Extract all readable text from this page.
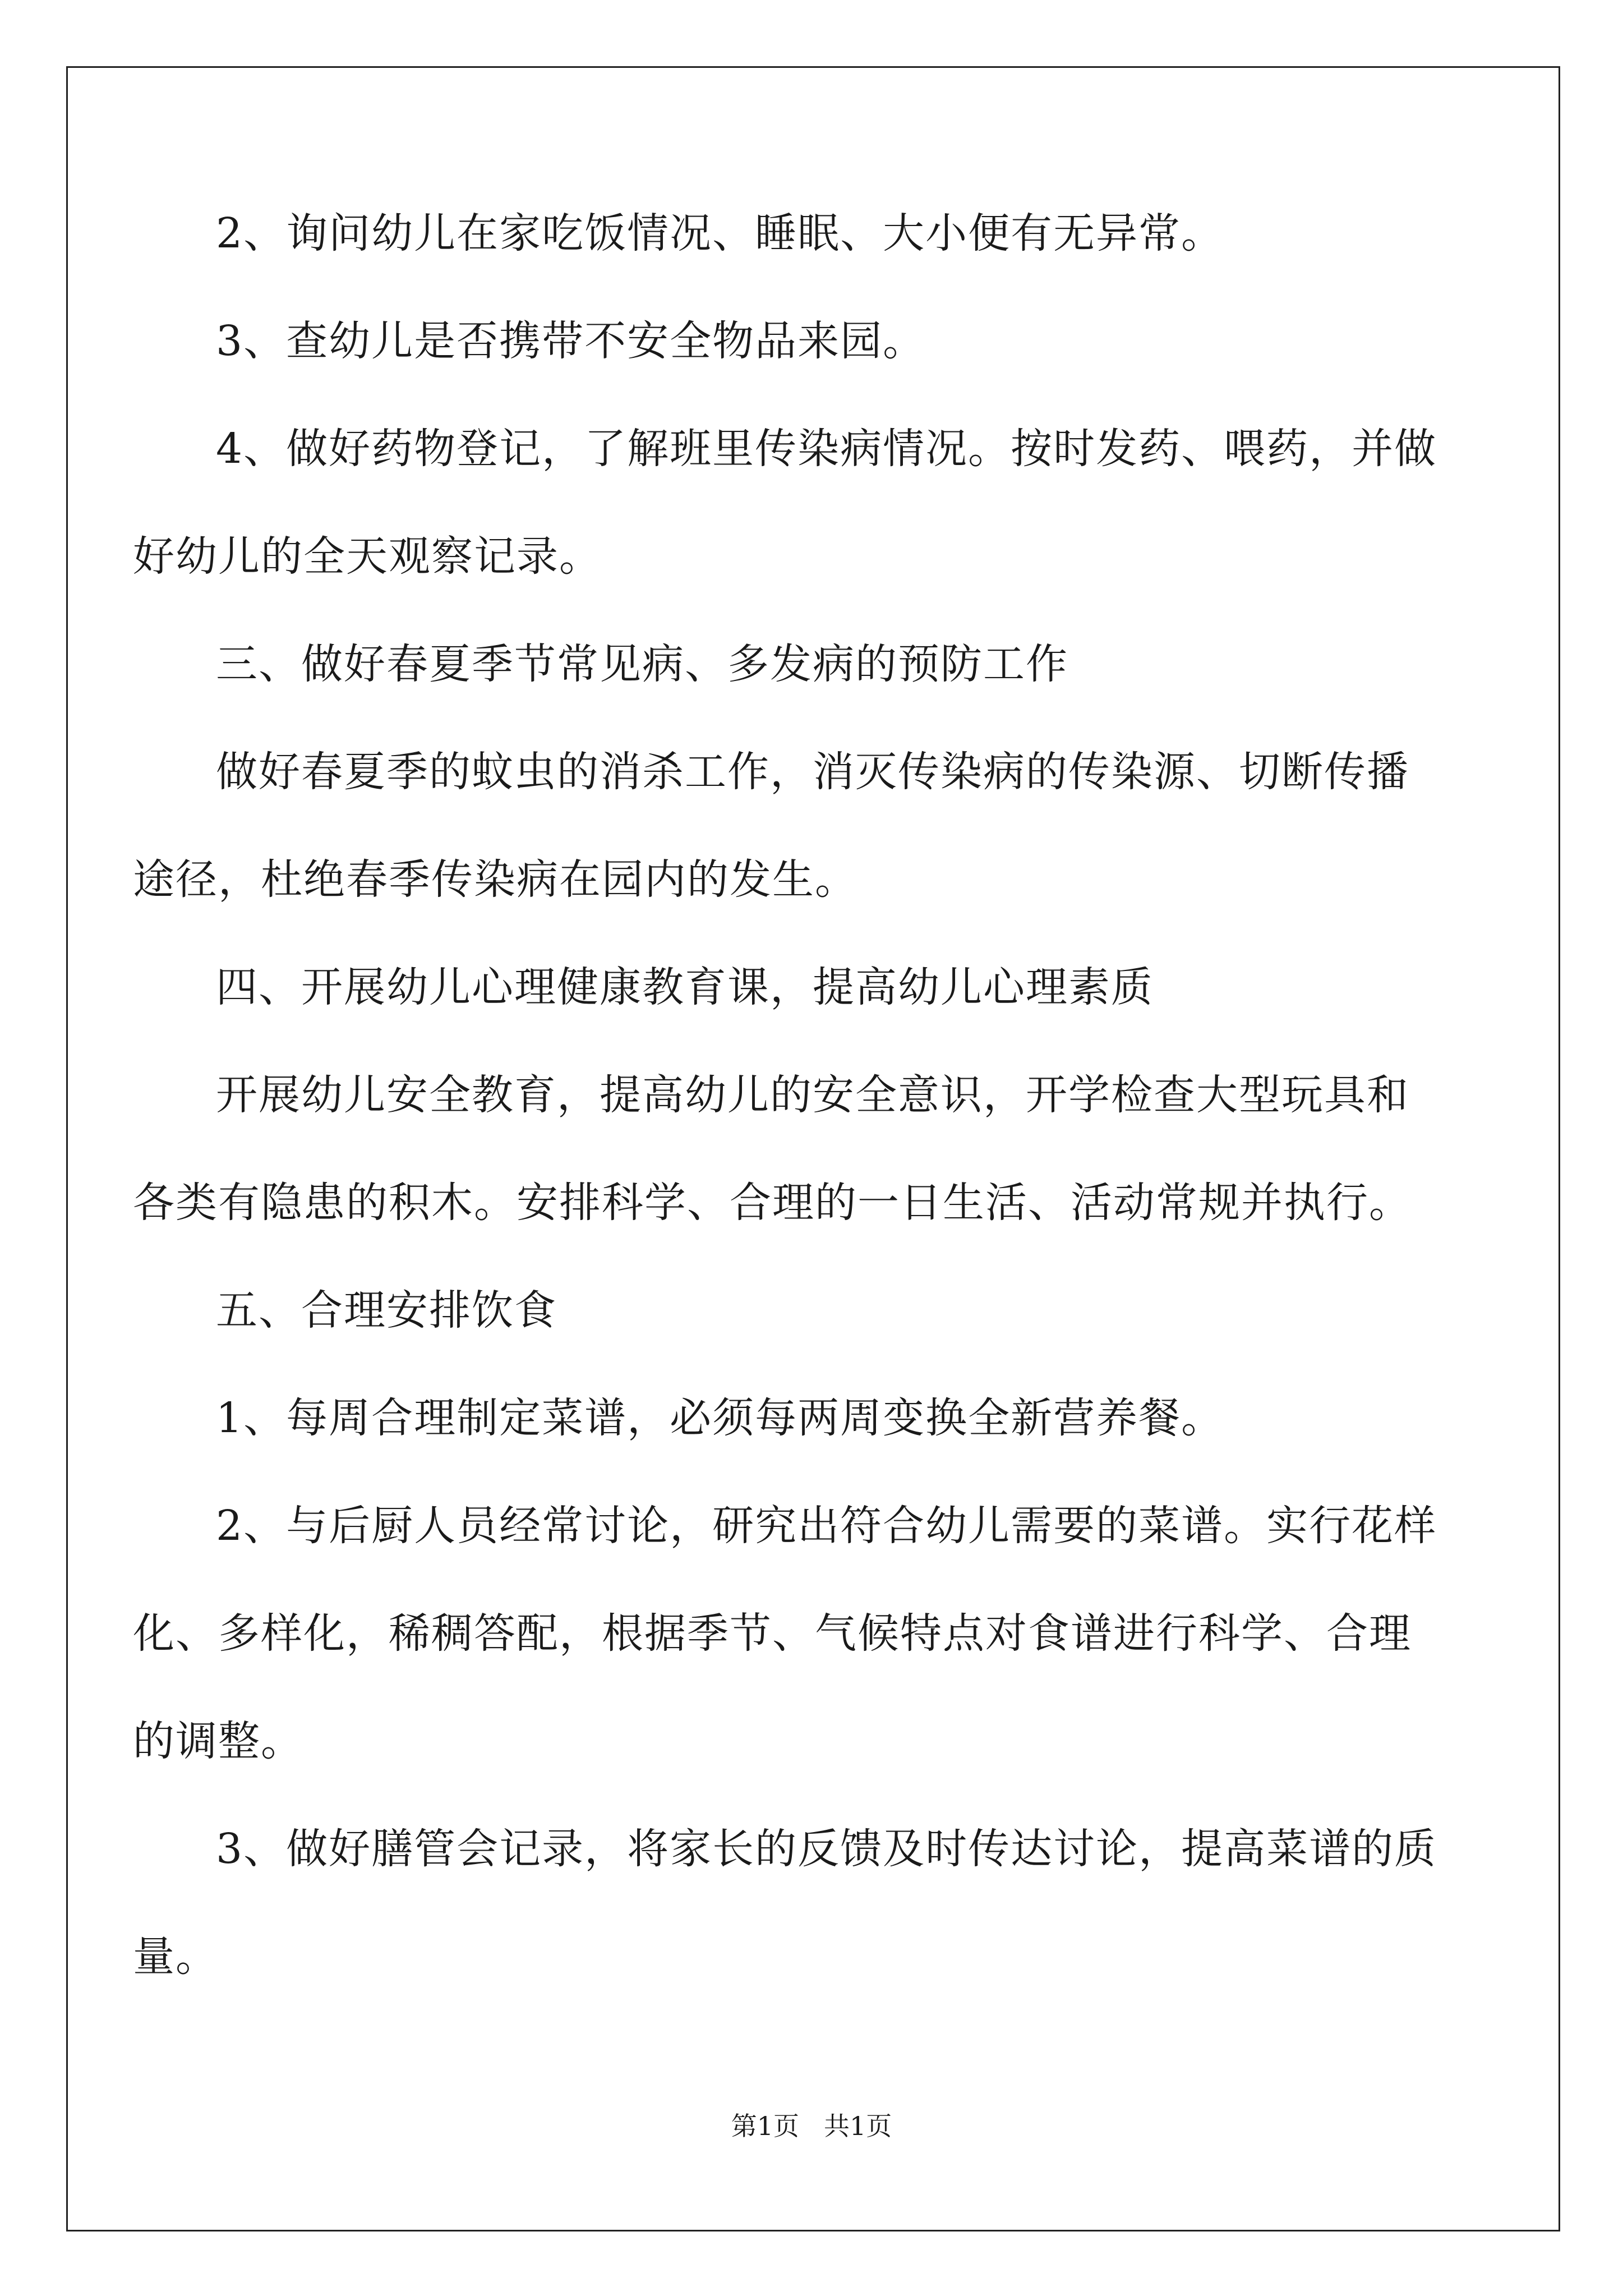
2、询问幼儿在家吃饭情况、睡眠、大小便有无异常。

3、查幼儿是否携带不安全物品来园。

4、做好药物登记，了解班里传染病情况。按时发药、喂药，并做好幼儿的全天观察记录。

三、做好春夏季节常见病、多发病的预防工作

做好春夏季的蚊虫的消杀工作，消灭传染病的传染源、切断传播途径，杜绝春季传染病在园内的发生。

四、开展幼儿心理健康教育课，提高幼儿心理素质

开展幼儿安全教育，提高幼儿的安全意识，开学检查大型玩具和各类有隐患的积木。安排科学、合理的一日生活、活动常规并执行。

五、合理安排饮食

1、每周合理制定菜谱，必须每两周变换全新营养餐。

2、与后厨人员经常讨论，研究出符合幼儿需要的菜谱。实行花样化、多样化，稀稠答配，根据季节、气候特点对食谱进行科学、合理的调整。

3、做好膳管会记录，将家长的反馈及时传达讨论，提高菜谱的质量。

第1页 共1页
